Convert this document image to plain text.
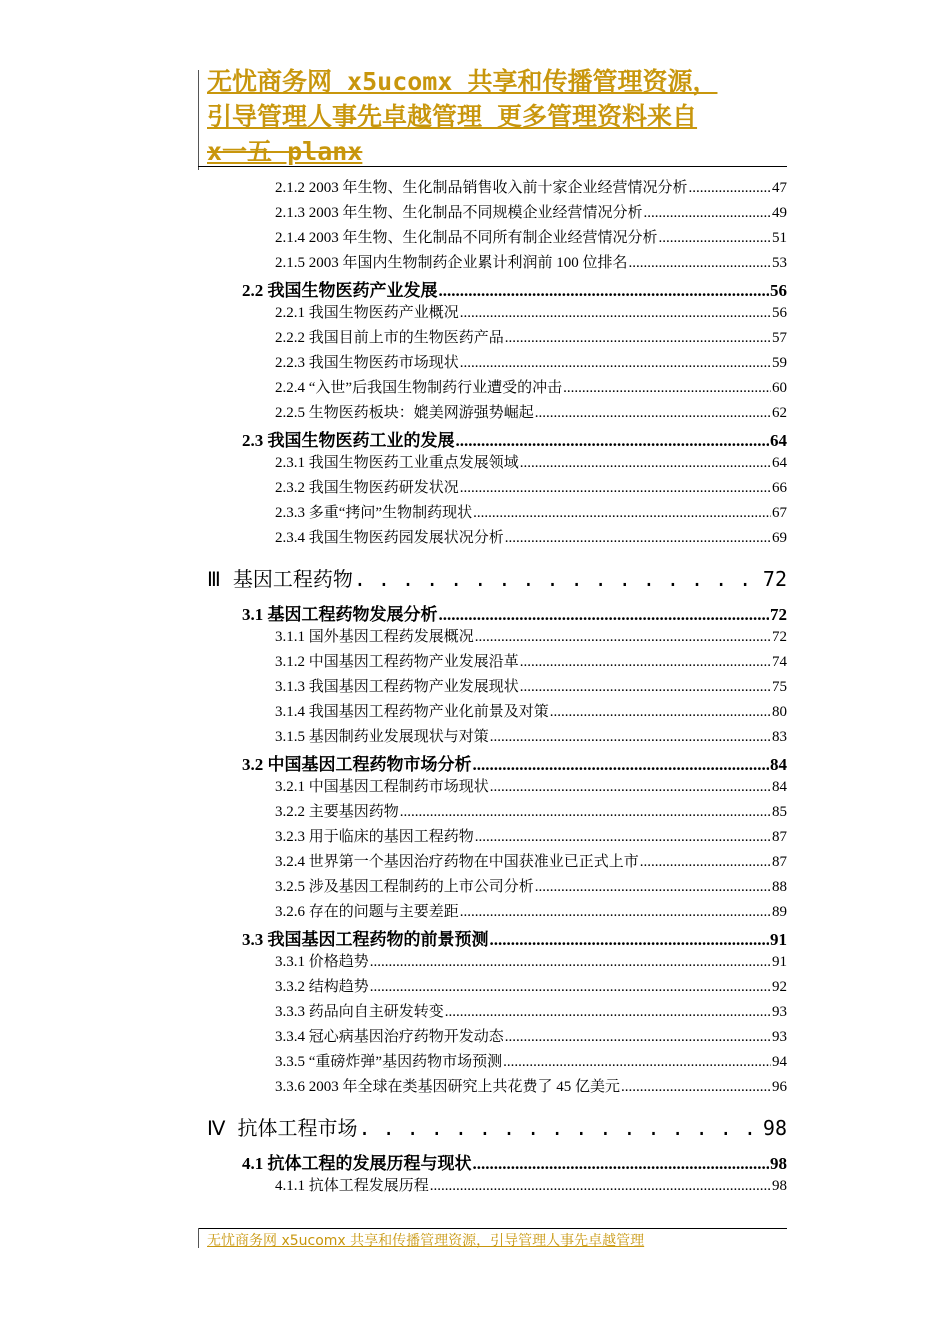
无忧商务网 x5ucomx 共享和传播管理资源，

引导管理人事先卓越管理 更多管理资料来自

x一五 planx

2.1.2 2003 年生物、生化制品销售收入前十家企业经营情况分析 .....	47
2.1.3 2003 年生物、生化制品不同规模企业经营情况分析 .....	49
2.1.4 2003 年生物、生化制品不同所有制企业经营情况分析 .....	51
2.1.5 2003 年国内生物制药企业累计利润前 100 位排名 .....	53
2.2 我国生物医药产业发展 .....	56
2.2.1 我国生物医药产业概况 .....	56
2.2.2 我国目前上市的生物医药产品 .....	57
2.2.3 我国生物医药市场现状 .....	59
2.2.4 “入世”后我国生物制药行业遭受的冲击 .....	60
2.2.5 生物医药板块：媲美网游强势崛起 .....	62
2.3 我国生物医药工业的发展 .....	64
2.3.1 我国生物医药工业重点发展领域 .....	64
2.3.2 我国生物医药研发状况 .....	66
2.3.3 多重“拷问”生物制药现状 .....	67
2.3.4 我国生物医药园发展状况分析 .....	69
Ⅲ 基因工程药物 . . .	72
3.1 基因工程药物发展分析 .....	72
3.1.1 国外基因工程药发展概况 .....	72
3.1.2 中国基因工程药物产业发展沿革 .....	74
3.1.3 我国基因工程药物产业发展现状 .....	75
3.1.4 我国基因工程药物产业化前景及对策 .....	80
3.1.5 基因制药业发展现状与对策 .....	83
3.2 中国基因工程药物市场分析 .....	84
3.2.1 中国基因工程制药市场现状 .....	84
3.2.2 主要基因药物 .....	85
3.2.3 用于临床的基因工程药物 .....	87
3.2.4 世界第一个基因治疗药物在中国获准业已正式上市 .....	87
3.2.5 涉及基因工程制药的上市公司分析 .....	88
3.2.6 存在的问题与主要差距 .....	89
3.3 我国基因工程药物的前景预测 .....	91
3.3.1 价格趋势 .....	91
3.3.2 结构趋势 .....	92
3.3.3 药品向自主研发转变 .....	93
3.3.4 冠心病基因治疗药物开发动态 .....	93
3.3.5 “重磅炸弹”基因药物市场预测 .....	94
3.3.6 2003 年全球在类基因研究上共花费了 45 亿美元 .....	96
Ⅳ 抗体工程市场 . . .	98
4.1 抗体工程的发展历程与现状 .....	98
4.1.1 抗体工程发展历程 .....	98
无忧商务网 x5ucomx 共享和传播管理资源，引导管理人事先卓越管理
